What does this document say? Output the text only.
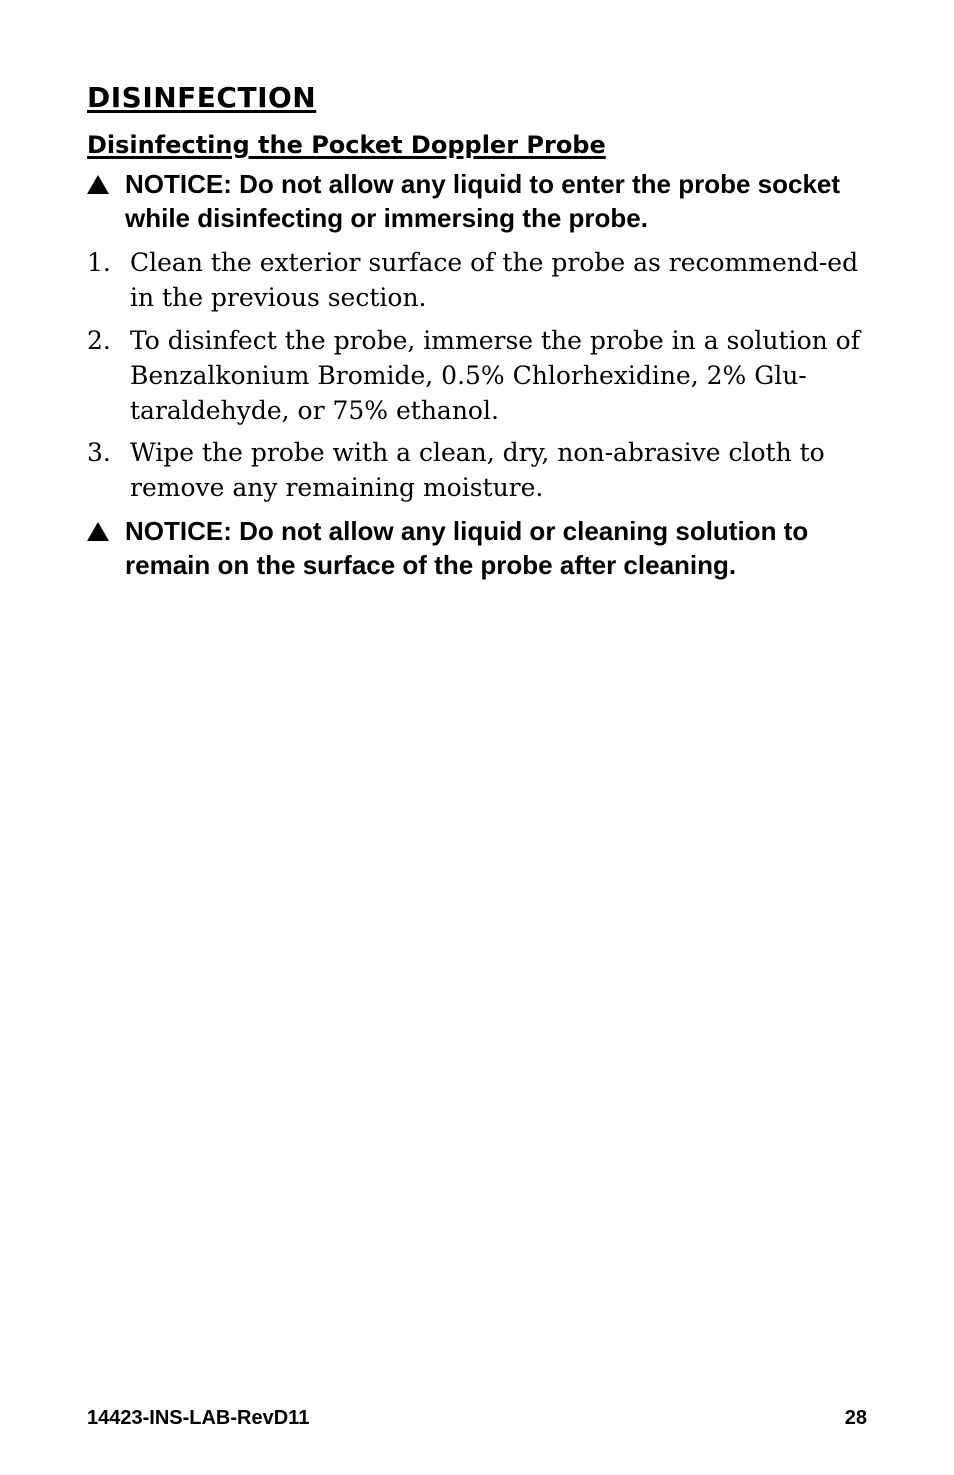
DISINFECTION
Disinfecting the Pocket Doppler Probe
NOTICE: Do not allow any liquid to enter the probe socket while disinfecting or immersing the probe.
1. Clean the exterior surface of the probe as recommend-ed in the previous section.
2. To disinfect the probe, immerse the probe in a solution of Benzalkonium Bromide, 0.5% Chlorhexidine, 2% Glu-taraldehyde, or 75% ethanol.
3. Wipe the probe with a clean, dry, non-abrasive cloth to remove any remaining moisture.
NOTICE: Do not allow any liquid or cleaning solution to remain on the surface of the probe after cleaning.
14423-INS-LAB-RevD11	28
